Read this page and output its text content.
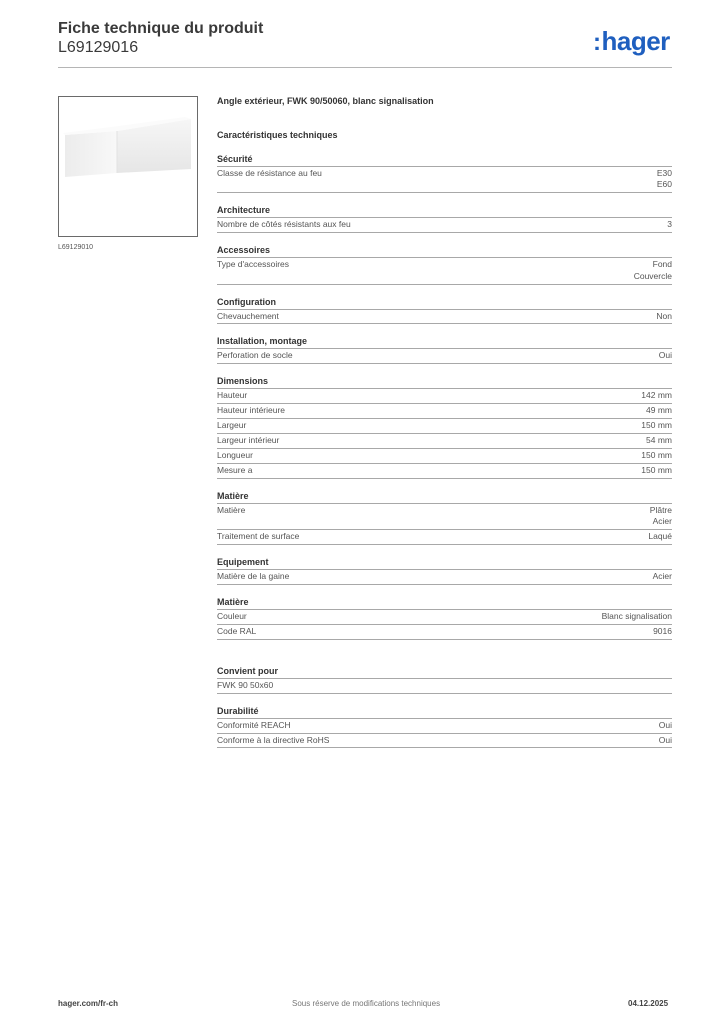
Fiche technique du produit
L69129016	:hager
L69129010
Angle extérieur, FWK 90/50060, blanc signalisation
Caractéristiques techniques
Sécurité
Classe de résistance au feu	E30
E60
Architecture
Nombre de côtés résistants aux feu	3
Accessoires
Type d'accessoires	Fond
Couvercle
Configuration
Chevauchement	Non
Installation, montage
Perforation de socle	Oui
Dimensions
Hauteur	142 mm
Hauteur intérieure	49 mm
Largeur	150 mm
Largeur intérieur	54 mm
Longueur	150 mm
Mesure a	150 mm
Matière
Matière	Plâtre
Acier
Traitement de surface	Laqué
Equipement
Matière de la gaine	Acier
Matière
Couleur	Blanc signalisation
Code RAL	9016
Convient pour
FWK 90 50x60
Durabilité
Conformité REACH	Oui
Conforme à la directive RoHS	Oui
hager.com/fr-ch	Sous réserve de modifications techniques	04.12.2025
